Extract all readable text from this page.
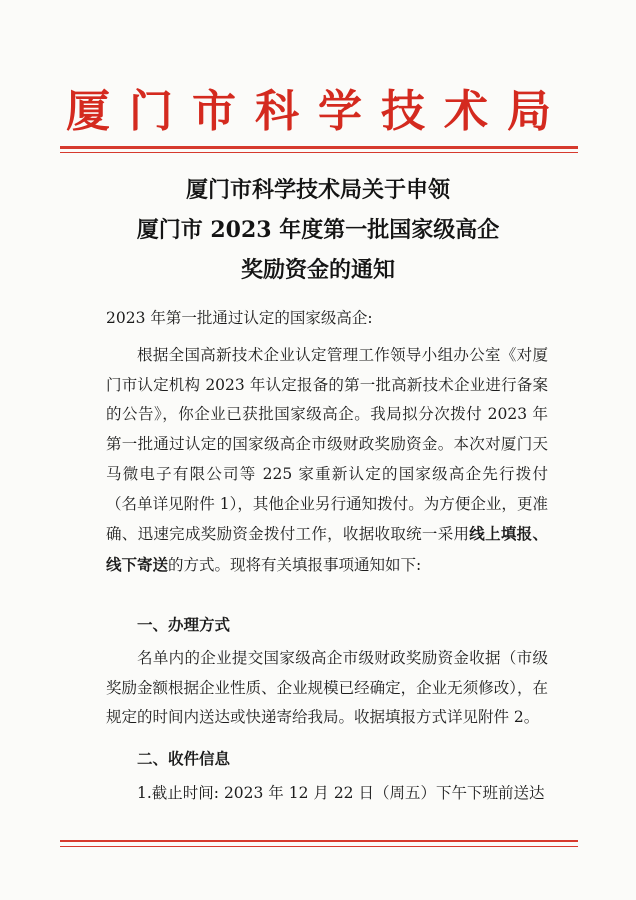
厦门市科学技术局
厦门市科学技术局关于申领
厦门市 2023 年度第一批国家级高企
奖励资金的通知
2023 年第一批通过认定的国家级高企:
根据全国高新技术企业认定管理工作领导小组办公室《对厦门市认定机构 2023 年认定报备的第一批高新技术企业进行备案的公告》，你企业已获批国家级高企。我局拟分次拨付 2023 年第一批通过认定的国家级高企市级财政奖励资金。本次对厦门天马微电子有限公司等 225 家重新认定的国家级高企先行拨付（名单详见附件 1），其他企业另行通知拨付。为方便企业，更准确、迅速完成奖励资金拨付工作，收据收取统一采用线上填报、线下寄送的方式。现将有关填报事项通知如下:
一、办理方式
名单内的企业提交国家级高企市级财政奖励资金收据（市级奖励金额根据企业性质、企业规模已经确定，企业无须修改），在规定的时间内送达或快递寄给我局。收据填报方式详见附件 2。
二、收件信息
1.截止时间: 2023 年 12 月 22 日（周五）下午下班前送达
